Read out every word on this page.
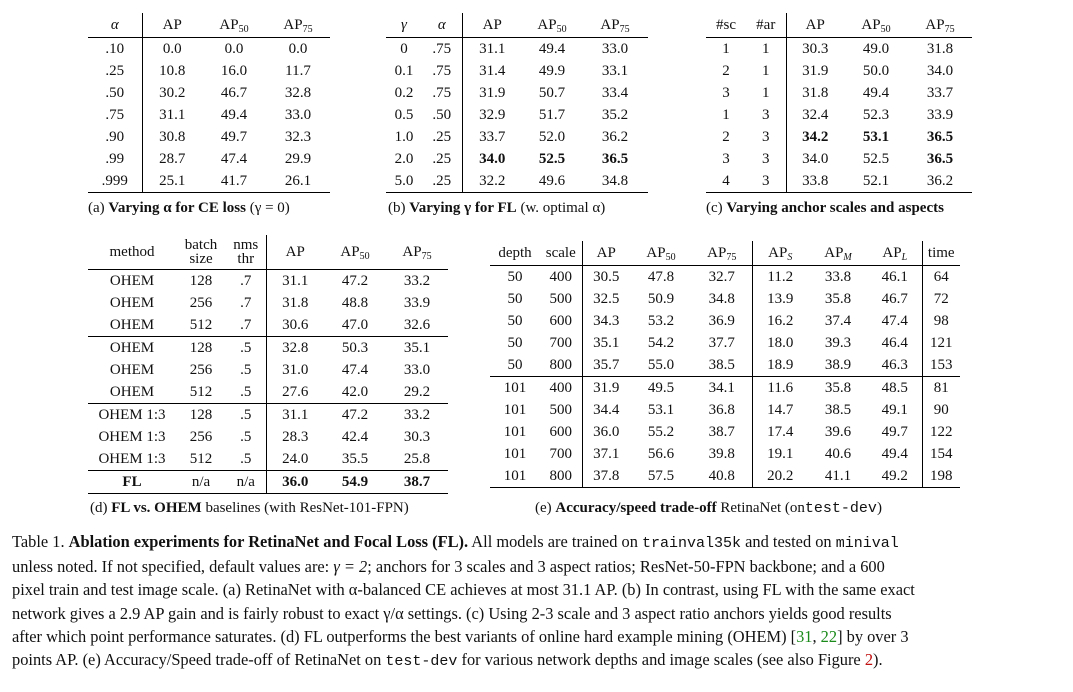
α	AP	$AP_{50}$	$AP_{75}$
.10	0.0	0.0	0.0
.25	10.8	16.0	11.7
.50	30.2	46.7	32.8
.75	31.1	49.4	33.0
.90	30.8	49.7	32.3
.99	28.7	47.4	29.9
.999	25.1	41.7	26.1
(a) Varying α for CE loss (γ = 0)
γ	α	AP	$AP_{50}$	$AP_{75}$
0	.75	31.1	49.4	33.0
0.1	.75	31.4	49.9	33.1
0.2	.75	31.9	50.7	33.4
0.5	.50	32.9	51.7	35.2
1.0	.25	33.7	52.0	36.2
2.0	.25	34.0	52.5	36.5
5.0	.25	32.2	49.6	34.8
(b) Varying γ for FL (w. optimal α)
#sc	#ar	AP	$AP_{50}$	$AP_{75}$
1	1	30.3	49.0	31.8
2	1	31.9	50.0	34.0
3	1	31.8	49.4	33.7
1	3	32.4	52.3	33.9
2	3	34.2	53.1	36.5
3	3	34.0	52.5	36.5
4	3	33.8	52.1	36.2
(c) Varying anchor scales and aspects
method	batch size	nms thr	AP	$AP_{50}$	$AP_{75}$
OHEM	128	.7	31.1	47.2	33.2
OHEM	256	.7	31.8	48.8	33.9
OHEM	512	.7	30.6	47.0	32.6
OHEM	128	.5	32.8	50.3	35.1
OHEM	256	.5	31.0	47.4	33.0
OHEM	512	.5	27.6	42.0	29.2
OHEM 1:3	128	.5	31.1	47.2	33.2
OHEM 1:3	256	.5	28.3	42.4	30.3
OHEM 1:3	512	.5	24.0	35.5	25.8
FL	n/a	n/a	36.0	54.9	38.7
(d) FL vs. OHEM baselines (with ResNet-101-FPN)
depth	scale	AP	$AP_{50}$	$AP_{75}$	$AP_S$	$AP_M$	$AP_L$	time
50	400	30.5	47.8	32.7	11.2	33.8	46.1	64
50	500	32.5	50.9	34.8	13.9	35.8	46.7	72
50	600	34.3	53.2	36.9	16.2	37.4	47.4	98
50	700	35.1	54.2	37.7	18.0	39.3	46.4	121
50	800	35.7	55.0	38.5	18.9	38.9	46.3	153
101	400	31.9	49.5	34.1	11.6	35.8	48.5	81
101	500	34.4	53.1	36.8	14.7	38.5	49.1	90
101	600	36.0	55.2	38.7	17.4	39.6	49.7	122
101	700	37.1	56.6	39.8	19.1	40.6	49.4	154
101	800	37.8	57.5	40.8	20.2	41.1	49.2	198
(e) Accuracy/speed trade-off RetinaNet (ontest-dev)
Table 1. Ablation experiments for RetinaNet and Focal Loss (FL). All models are trained on trainval35k and tested on minival
unless noted. If not specified, default values are: γ = 2; anchors for 3 scales and 3 aspect ratios; ResNet-50-FPN backbone; and a 600
pixel train and test image scale. (a) RetinaNet with α-balanced CE achieves at most 31.1 AP. (b) In contrast, using FL with the same exact
network gives a 2.9 AP gain and is fairly robust to exact γ/α settings. (c) Using 2-3 scale and 3 aspect ratio anchors yields good results
after which point performance saturates. (d) FL outperforms the best variants of online hard example mining (OHEM) [31, 22] by over 3
points AP. (e) Accuracy/Speed trade-off of RetinaNet on test-dev for various network depths and image scales (see also Figure 2).
